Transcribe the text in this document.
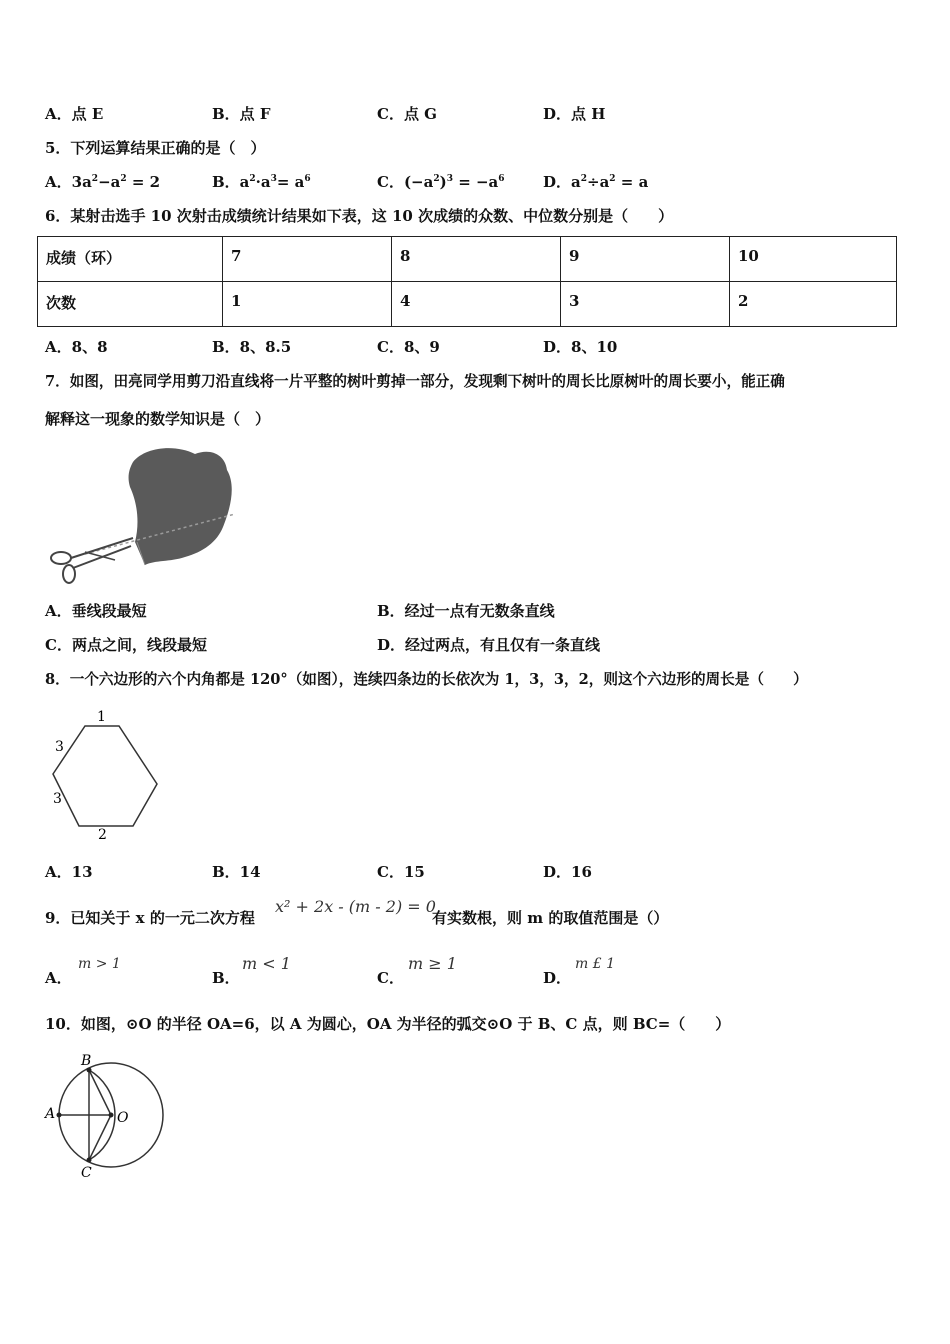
A．点 E	B．点 F	C．点 G	D．点 H
5．下列运算结果正确的是（　）
A．$3a^2-a^2 = 2$	B．$a^2\cdot a^3= a^6$	C．$(-a^2)^3 = -a^6$	D．$a^2\div a^2 = a$
6．某射击选手 10 次射击成绩统计结果如下表，这 10 次成绩的众数、中位数分别是（　　）
成绩（环）	7	8	9	10
次数	1	4	3	2
A．8、8	B．8、8.5	C．8、9	D．8、10
7．如图，田亮同学用剪刀沿直线将一片平整的树叶剪掉一部分，发现剩下树叶的周长比原树叶的周长要小，能正确
解释这一现象的数学知识是（　）
A．垂线段最短	B．经过一点有无数条直线
C．两点之间，线段最短	D．经过两点，有且仅有一条直线
8．一个六边形的六个内角都是 120°（如图），连续四条边的长依次为 1，3，3，2，则这个六边形的周长是（　　）
1
3
3
2
A．13	B．14	C．15	D．16
9．已知关于 x 的一元二次方程
x² + 2x - (m - 2) = 0
有实数根，则 m 的取值范围是（）
A．
m > 1
B．
m < 1
C．
m ≥ 1
D．
m £ 1
10．如图，⊙O 的半径 OA=6，以 A 为圆心，OA 为半径的弧交⊙O 于 B、C 点，则 BC=（　　）
B
A	O
C
